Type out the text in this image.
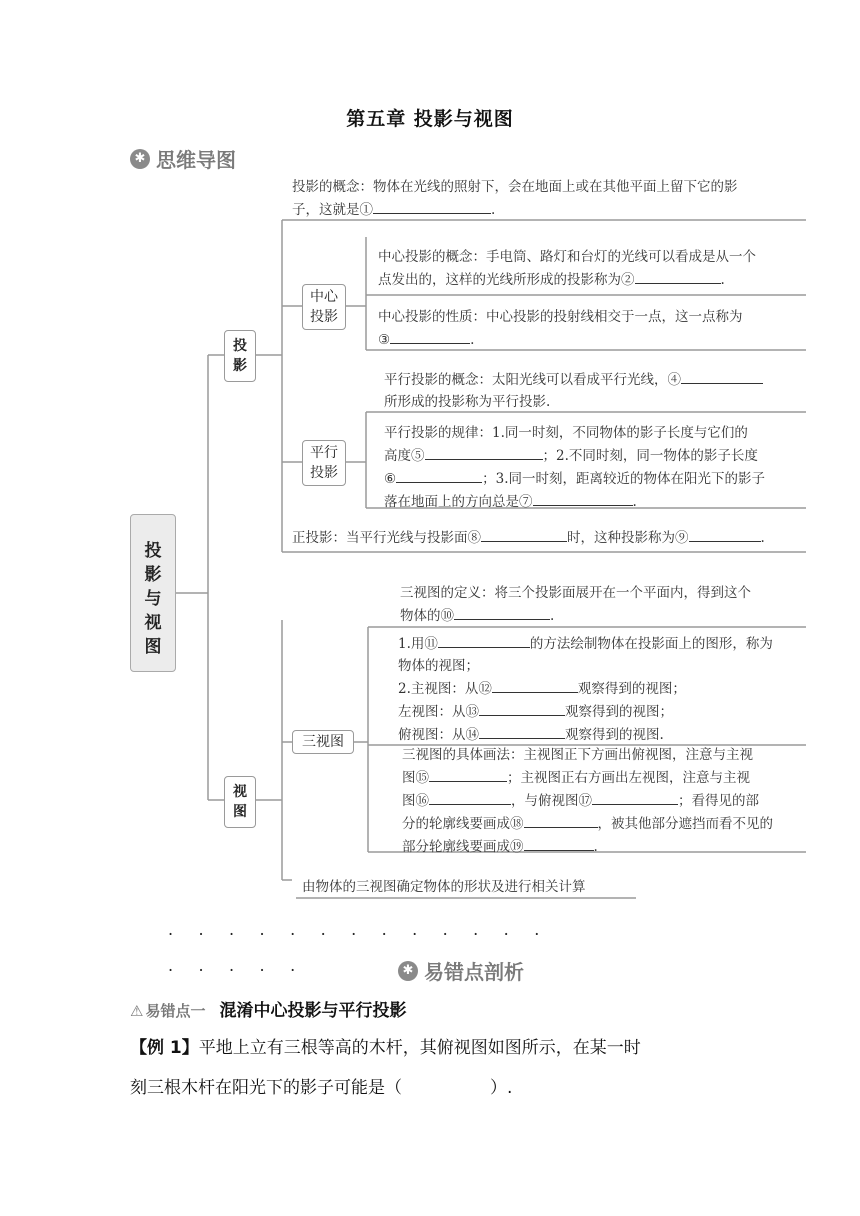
第五章 投影与视图
✱ 思维导图
投
影
与
视
图
投
影
视
图
中心
投影
平行
投影
三视图
投影的概念：物体在光线的照射下，会在地面上或在其他平面上留下它的影
子，这就是①	.
中心投影的概念：手电筒、路灯和台灯的光线可以看成是从一个
点发出的，这样的光线所形成的投影称为②	.
中心投影的性质：中心投影的投射线相交于一点，这一点称为
③	.
平行投影的概念：太阳光线可以看成平行光线，④
所形成的投影称为平行投影.
平行投影的规律：1.同一时刻，不同物体的影子长度与它们的
高度⑤	；2.不同时刻，同一物体的影子长度
⑥	；3.同一时刻，距离较近的物体在阳光下的影子
落在地面上的方向总是⑦	.
正投影：当平行光线与投影面⑧	时，这种投影称为⑨	.
三视图的定义：将三个投影面展开在一个平面内，得到这个
物体的⑩	.
1.用⑪	的方法绘制物体在投影面上的图形，称为
物体的视图；
2.主视图：从⑫	观察得到的视图；
左视图：从⑬	观察得到的视图；
俯视图：从⑭	观察得到的视图.
三视图的具体画法：主视图正下方画出俯视图，注意与主视
图⑮	；主视图正右方画出左视图，注意与主视
图⑯	，与俯视图⑰	；看得见的部
分的轮廓线要画成⑱	，被其他部分遮挡而看不见的
部分轮廓线要画成⑲	.
由物体的三视图确定物体的形状及进行相关计算
.     .     .     .     .     .     .     .     .     .     .     .     .
.     .     .     .     .	✱ 易错点剖析
⚠ 易错点一 混淆中心投影与平行投影
【例 1】平地上立有三根等高的木杆，其俯视图如图所示，在某一时
刻三根木杆在阳光下的影子可能是（	）.
